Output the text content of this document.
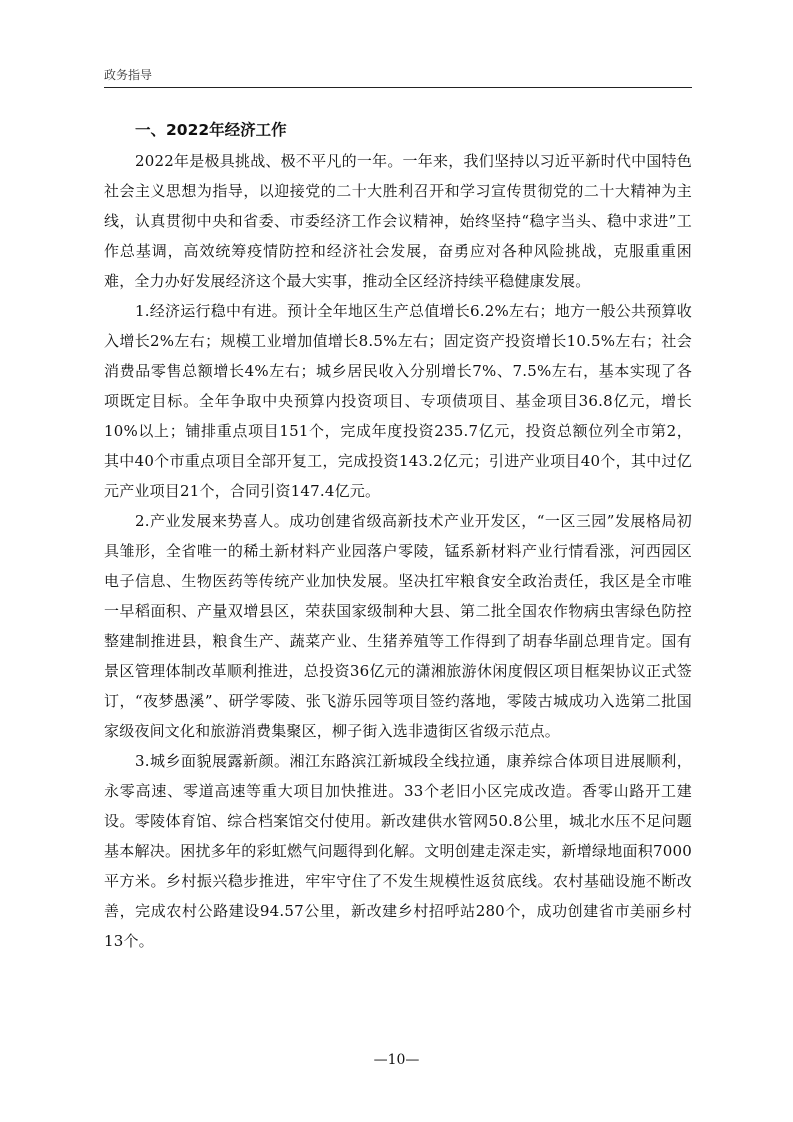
政务指导
一、2022年经济工作

2022年是极具挑战、极不平凡的一年。一年来，我们坚持以习近平新时代中国特色社会主义思想为指导，以迎接党的二十大胜利召开和学习宣传贯彻党的二十大精神为主线，认真贯彻中央和省委、市委经济工作会议精神，始终坚持“稳字当头、稳中求进”工作总基调，高效统筹疫情防控和经济社会发展，奋勇应对各种风险挑战，克服重重困难，全力办好发展经济这个最大实事，推动全区经济持续平稳健康发展。

1.经济运行稳中有进。预计全年地区生产总值增长6.2%左右；地方一般公共预算收入增长2%左右；规模工业增加值增长8.5%左右；固定资产投资增长10.5%左右；社会消费品零售总额增长4%左右；城乡居民收入分别增长7%、7.5%左右，基本实现了各项既定目标。全年争取中央预算内投资项目、专项债项目、基金项目36.8亿元，增长10%以上；铺排重点项目151个，完成年度投资235.7亿元，投资总额位列全市第2，其中40个市重点项目全部开复工，完成投资143.2亿元；引进产业项目40个，其中过亿元产业项目21个，合同引资147.4亿元。

2.产业发展来势喜人。成功创建省级高新技术产业开发区，“一区三园”发展格局初具雏形，全省唯一的稀土新材料产业园落户零陵，锰系新材料产业行情看涨，河西园区电子信息、生物医药等传统产业加快发展。坚决扛牢粮食安全政治责任，我区是全市唯一早稻面积、产量双增县区，荣获国家级制种大县、第二批全国农作物病虫害绿色防控整建制推进县，粮食生产、蔬菜产业、生猪养殖等工作得到了胡春华副总理肯定。国有景区管理体制改革顺利推进，总投资36亿元的潇湘旅游休闲度假区项目框架协议正式签订，“夜梦愚溪”、研学零陵、张飞游乐园等项目签约落地，零陵古城成功入选第二批国家级夜间文化和旅游消费集聚区，柳子街入选非遗街区省级示范点。

3.城乡面貌展露新颜。湘江东路滨江新城段全线拉通，康养综合体项目进展顺利，永零高速、零道高速等重大项目加快推进。33个老旧小区完成改造。香零山路开工建设。零陵体育馆、综合档案馆交付使用。新改建供水管网50.8公里，城北水压不足问题基本解决。困扰多年的彩虹燃气问题得到化解。文明创建走深走实，新增绿地面积7000平方米。乡村振兴稳步推进，牢牢守住了不发生规模性返贫底线。农村基础设施不断改善，完成农村公路建设94.57公里，新改建乡村招呼站280个，成功创建省市美丽乡村13个。

—10—
